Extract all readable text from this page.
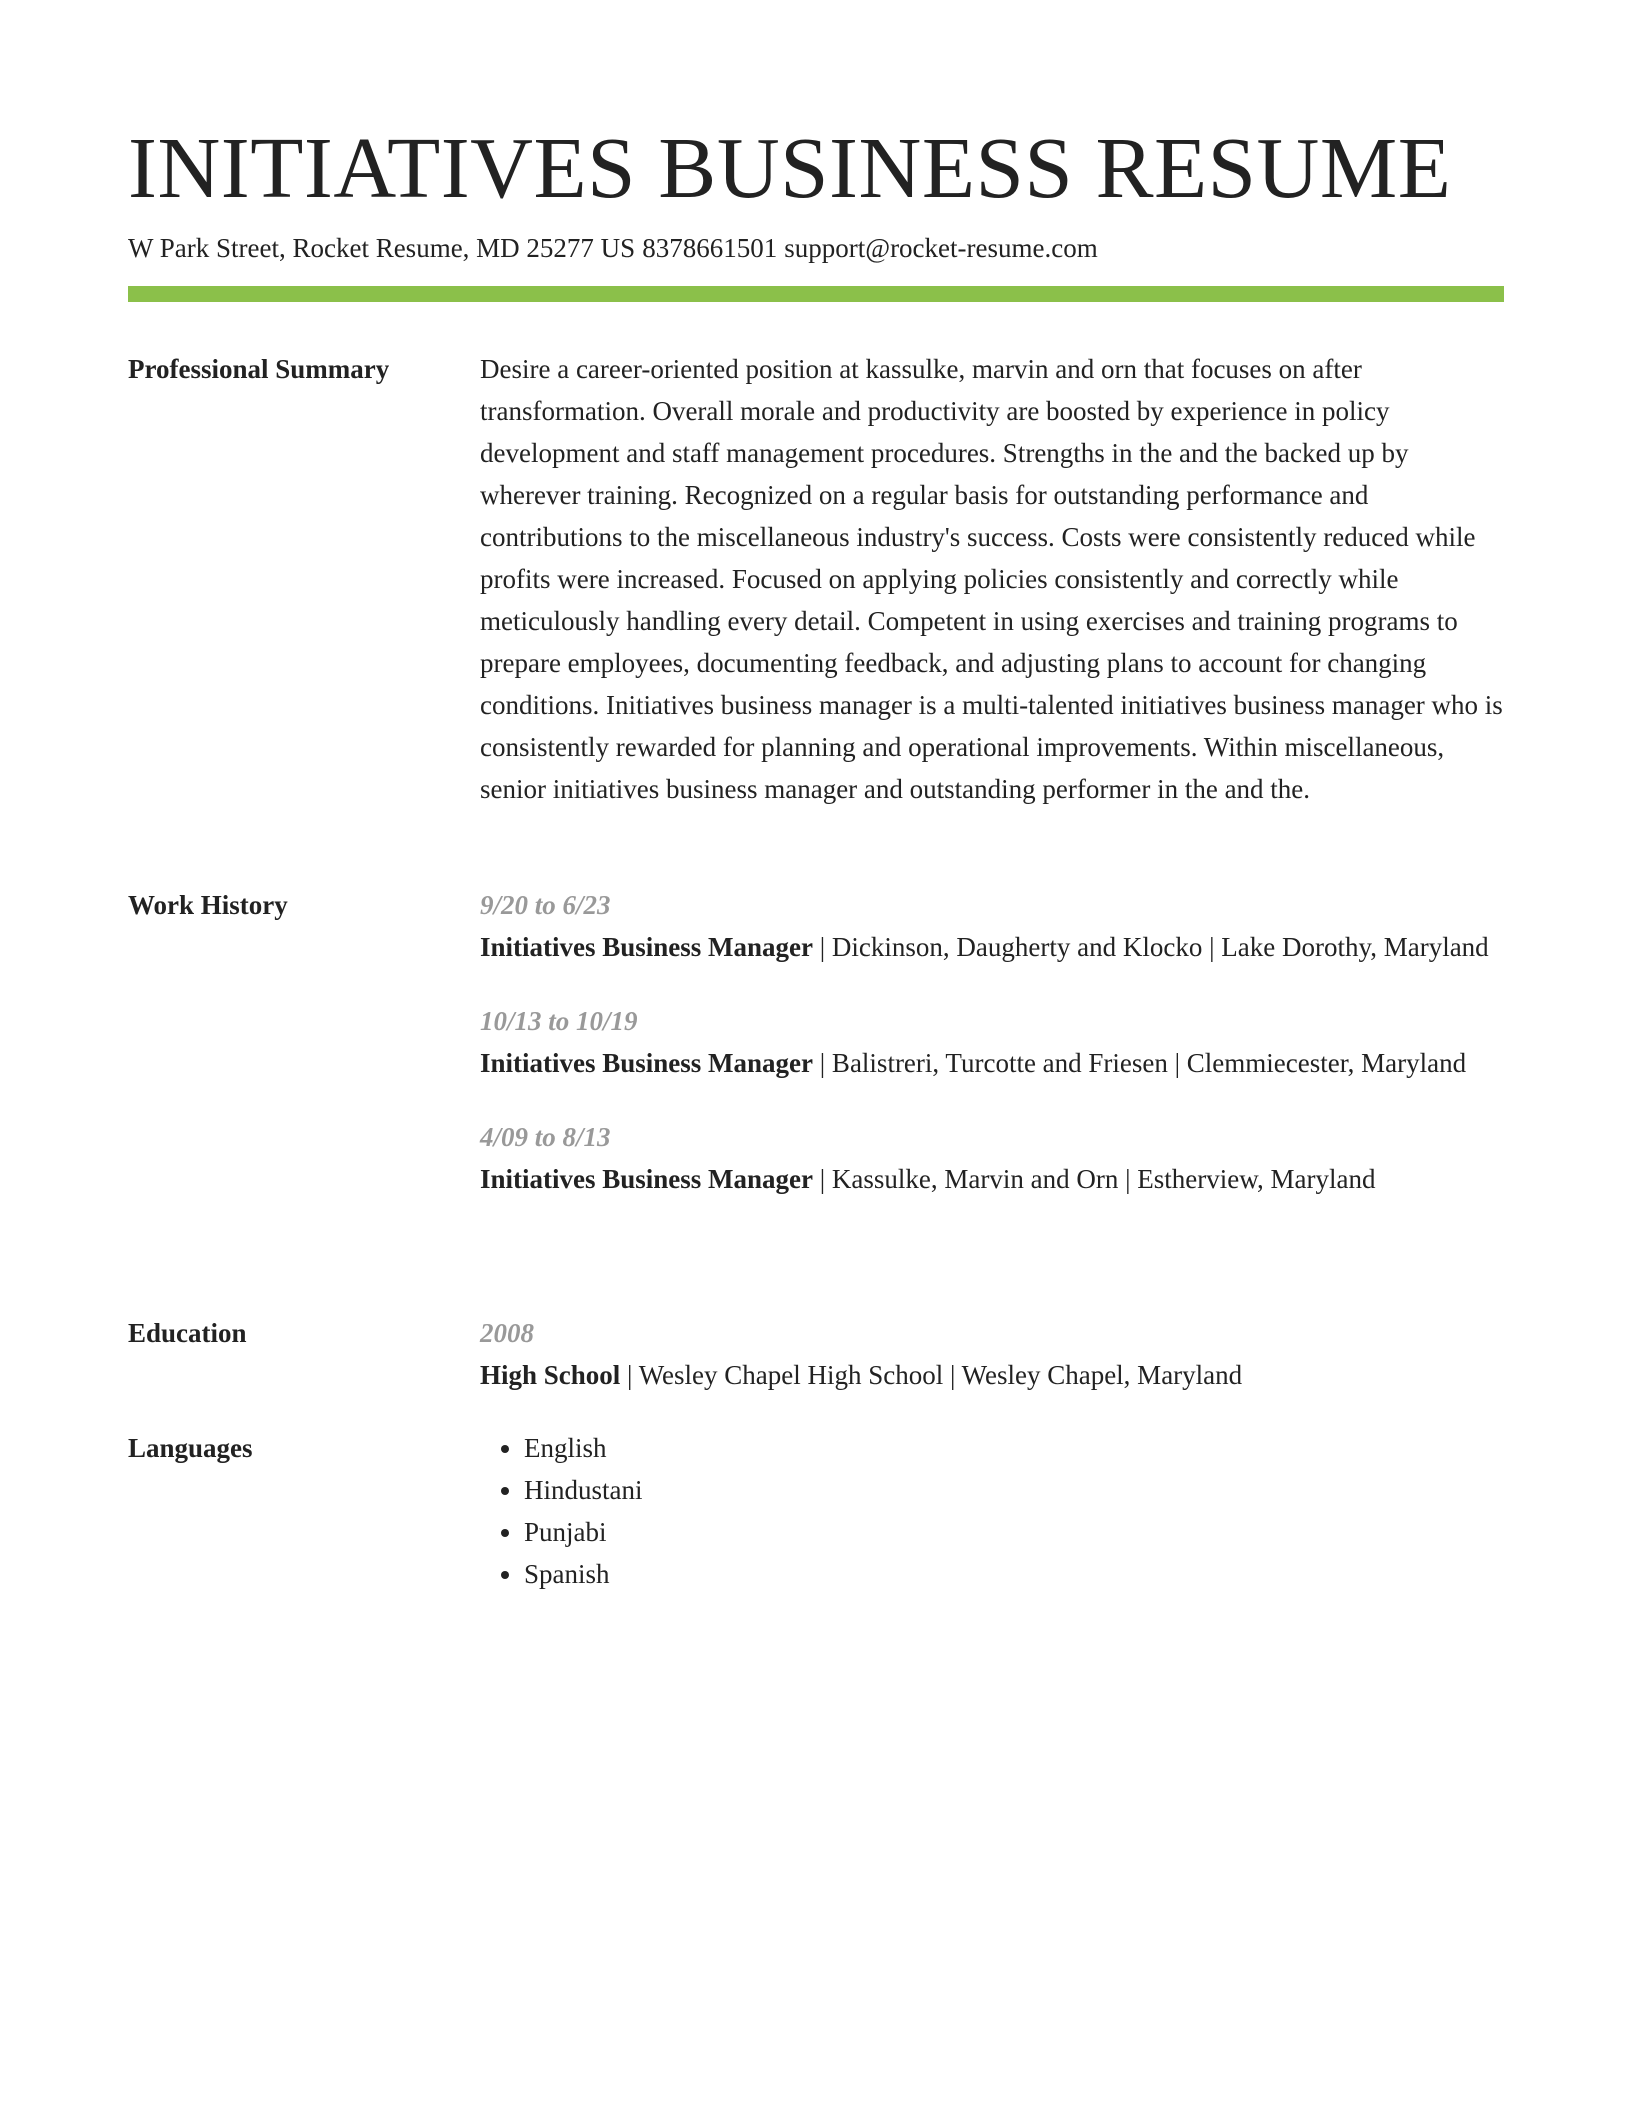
INITIATIVES BUSINESS RESUME
W Park Street, Rocket Resume, MD 25277 US 8378661501 support@rocket-resume.com
Professional Summary	Desire a career-oriented position at kassulke, marvin and orn that focuses on after transformation. Overall morale and productivity are boosted by experience in policy development and staff management procedures. Strengths in the and the backed up by wherever training. Recognized on a regular basis for outstanding performance and contributions to the miscellaneous industry's success. Costs were consistently reduced while profits were increased. Focused on applying policies consistently and correctly while meticulously handling every detail. Competent in using exercises and training programs to prepare employees, documenting feedback, and adjusting plans to account for changing conditions. Initiatives business manager is a multi-talented initiatives business manager who is consistently rewarded for planning and operational improvements. Within miscellaneous, senior initiatives business manager and outstanding performer in the and the.

Work History	9/20 to 6/23
Initiatives Business Manager | Dickinson, Daugherty and Klocko | Lake Dorothy, Maryland
10/13 to 10/19
Initiatives Business Manager | Balistreri, Turcotte and Friesen | Clemmiecester, Maryland
4/09 to 8/13
Initiatives Business Manager | Kassulke, Marvin and Orn | Estherview, Maryland
Education	2008
High School | Wesley Chapel High School | Wesley Chapel, Maryland
Languages
•	English
• Hindustani
• Punjabi
• Spanish
